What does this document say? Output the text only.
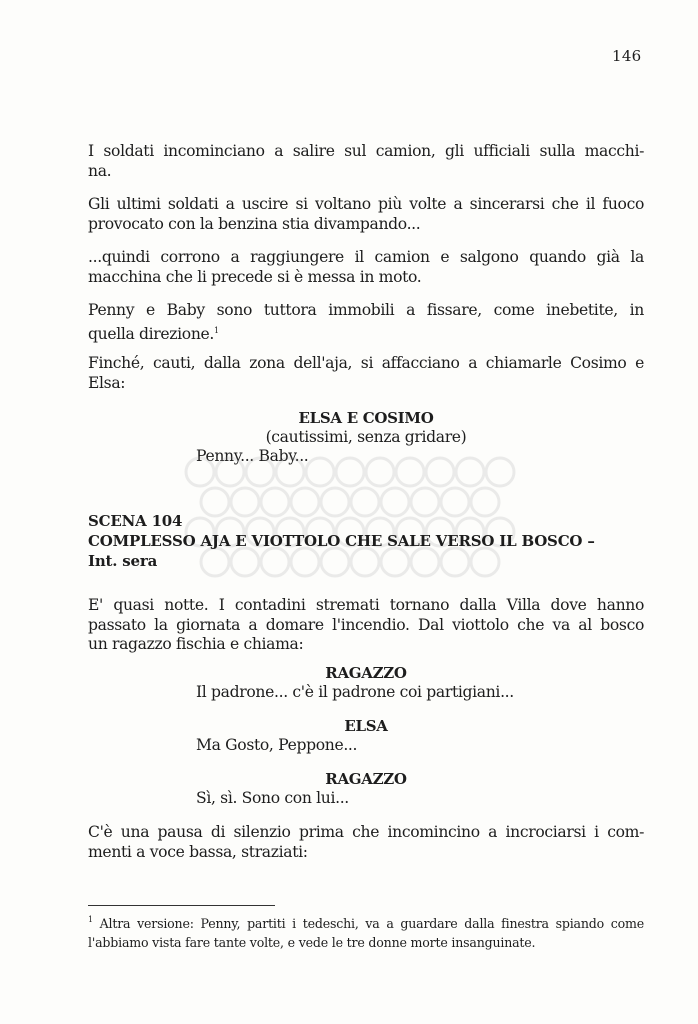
146
I soldati incominciano a salire sul camion, gli ufficiali sulla macchi-
na.
Gli ultimi soldati a uscire si voltano più volte a sincerarsi che il fuoco
provocato con la benzina stia divampando...
...quindi corrono a raggiungere il camion e salgono quando già la
macchina che li precede si è messa in moto.
Penny e Baby sono tuttora immobili a fissare, come inebetite, in
quella direzione.$^1$
Finché, cauti, dalla zona dell'aja, si affacciano a chiamarle Cosimo e
Elsa:
ELSA E COSIMO
(cautissimi, senza gridare)
Penny... Baby...
SCENA 104
COMPLESSO AJA E VIOTTOLO CHE SALE VERSO IL BOSCO –
Int. sera
E' quasi notte. I contadini stremati tornano dalla Villa dove hanno
passato la giornata a domare l'incendio. Dal viottolo che va al bosco
un ragazzo fischia e chiama:
RAGAZZO
Il padrone... c'è il padrone coi partigiani...
ELSA
Ma Gosto, Peppone...
RAGAZZO
Sì, sì. Sono con lui...
C'è una pausa di silenzio prima che incomincino a incrociarsi i com-
menti a voce bassa, straziati:
$^1$ Altra versione: Penny, partiti i tedeschi, va a guardare dalla finestra spiando come
l'abbiamo vista fare tante volte, e vede le tre donne morte insanguinate.
